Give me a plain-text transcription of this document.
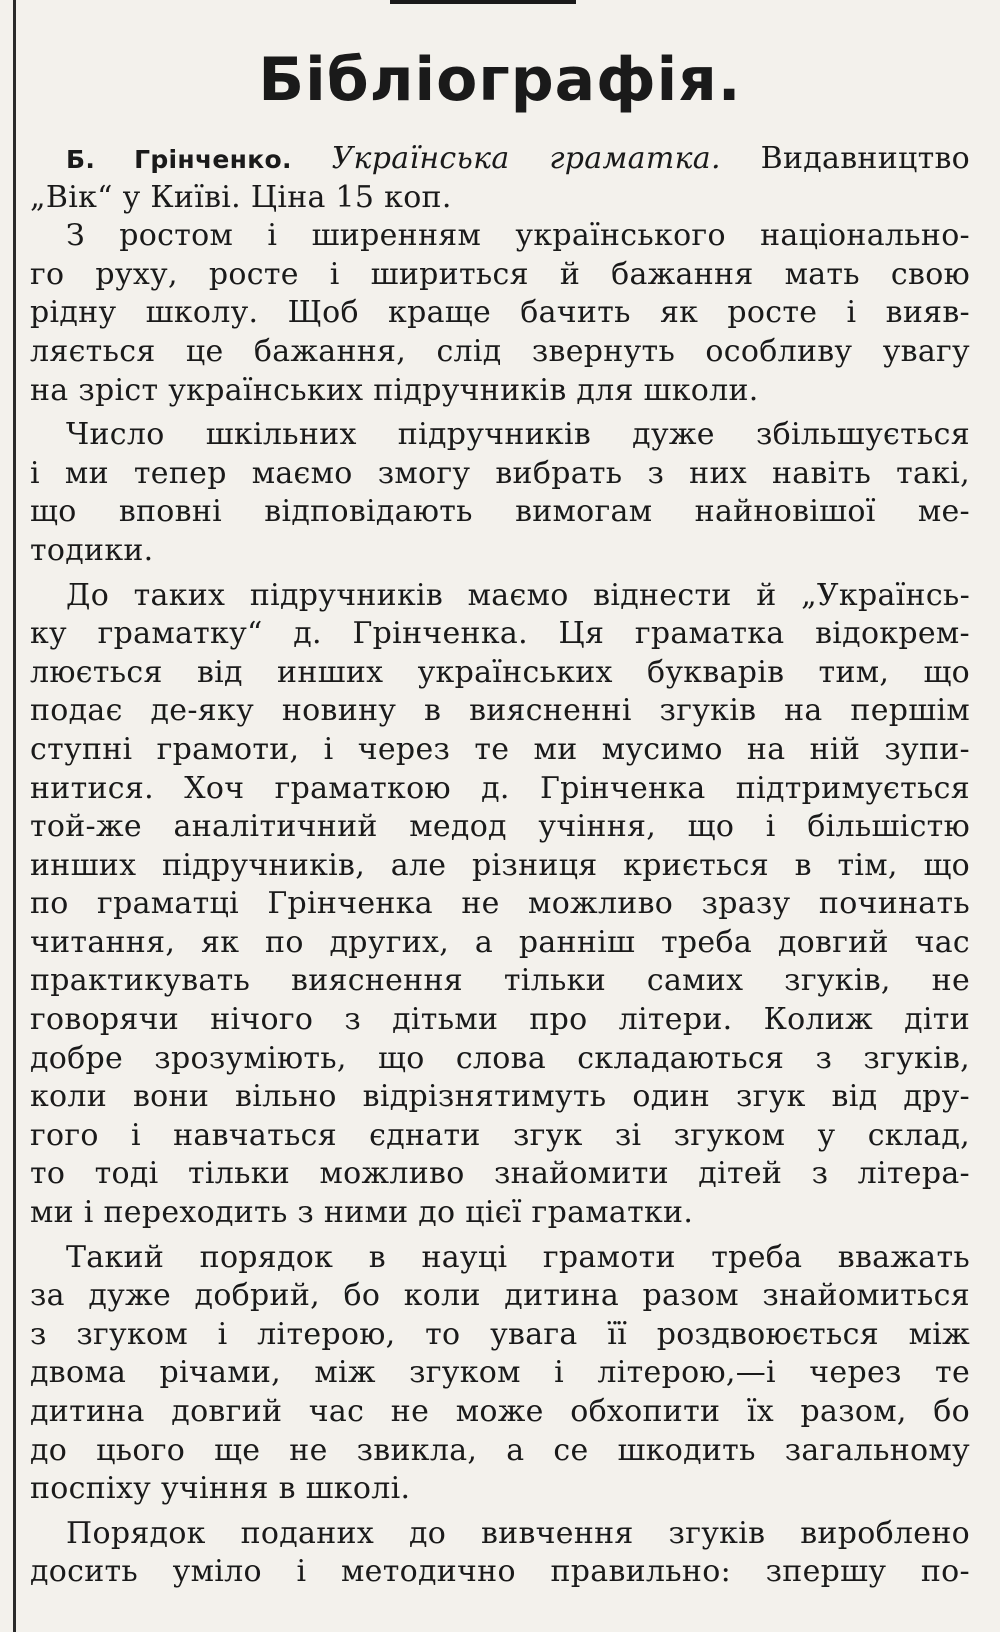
Бібліографія.
Б. Грінченко. Українська граматка. Видавництво
„Вік“ у Київі. Ціна 15 коп.
З ростом і шиpенням українського національно-
го руху, росте і шириться й бажання мать свою
рідну школу. Щоб краще бачить як росте і вияв-
ляється це бажання, слід звернуть особливу увагу
на зріст українських підручників для школи.
Число шкільних підручників дуже збільшується
і ми тепер маємо змогу вибрать з них навіть такі,
що вповні відповідають вимогам найновішої ме-
тодики.
До таких підручників маємо віднести й „Українсь-
ку граматку“ д. Грінченка. Ця граматка відокрем-
люється від инших українських букварів тим, що
подає де-яку новину в виясненні згуків на першім
ступні грамоти, і через те ми мусимо на ній зупи-
нитися. Хоч граматкою д. Грінченка підтримується
той-же аналітичний медод учіння, що і більшістю
инших підручників, але різниця криється в тім, що
по граматці Грінченка не можливо зразу починать
читання, як по других, а ранніш треба довгий час
практикувать вияснення тільки самих згуків, не
говорячи нічого з дітьми про літери. Колиж діти
добре зрозуміють, що слова складаються з згуків,
коли вони вільно відрізнятимуть один згук від дру-
гого і навчаться єднати згук зі згуком у склад,
то тоді тільки можливо знайомити дітей з літера-
ми і переходить з ними до цієї граматки.
Такий порядок в науці грамоти треба вважать
за дуже добрий, бо коли дитина разом знайомиться
з згуком і літерою, то увага її роздвоюється між
двома річами, між згуком і літерою,—і через те
дитина довгий час не може обхопити їх разом, бо
до цього ще не звикла, а се шкодить загальному
поспіху учіння в школі.
Порядок поданих до вивчення згуків вироблено
досить уміло і методично правильно: зпершу по-
